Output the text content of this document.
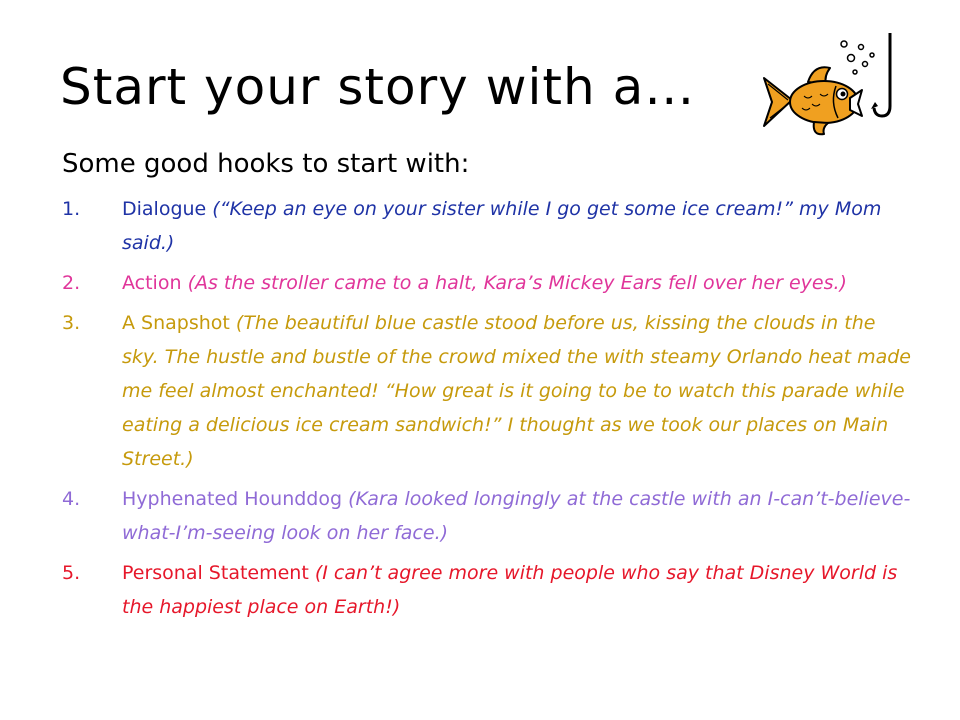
Start your story with a…
Some good hooks to start with:
1. Dialogue (“Keep an eye on your sister while I go get some ice cream!” my Mom said.)
2. Action (As the stroller came to a halt, Kara’s Mickey Ears fell over her eyes.)
3. A Snapshot (The beautiful blue castle stood before us, kissing the clouds in the sky. The hustle and bustle of the crowd mixed the with steamy Orlando heat made me feel almost enchanted! “How great is it going to be to watch this parade while eating a delicious ice cream sandwich!” I thought as we took our places on Main Street.)
4. Hyphenated Hounddog (Kara looked longingly at the castle with an I-can’t-believe-what-I’m-seeing look on her face.)
5. Personal Statement (I can’t agree more with people who say that Disney World is the happiest place on Earth!)
